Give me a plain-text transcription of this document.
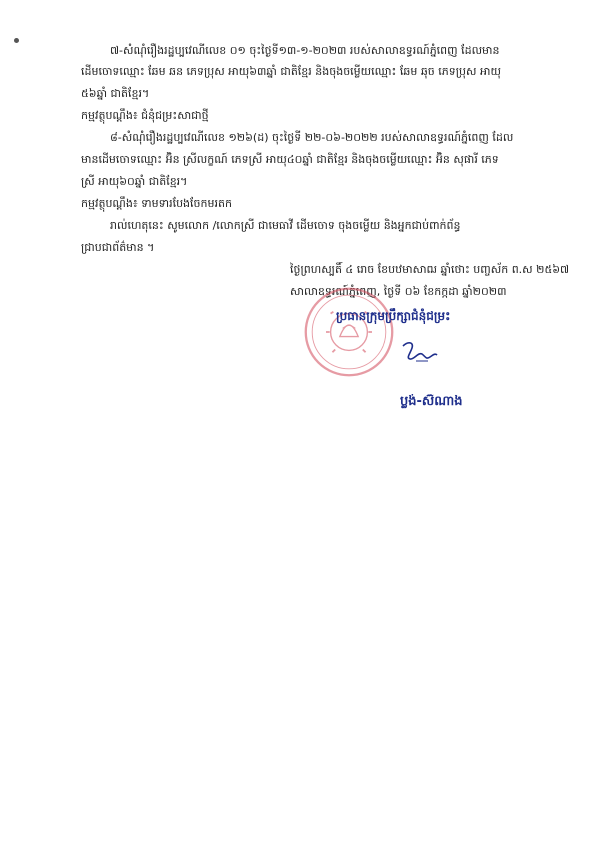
៧-សំណុំរឿងរដ្ឋប្បវេណីលេខ ០១ ចុះថ្ងៃទី១៣-១-២០២៣ របស់សាលាឧទ្ធរណ៍ភ្នំពេញ ដែលមាន
ដើមចោទឈ្មោះ ឆែម ឆន ភេទប្រុស អាយុ៦៣ឆ្នាំ ជាតិខ្មែរ និងចុងចម្លើយឈ្មោះ ឆែម ឆុច ភេទប្រុស អាយុ
៥៦ឆ្នាំ ជាតិខ្មែរ។
កម្មវត្ថុបណ្តឹង៖ ជំនុំជម្រះសាជាថ្មី
៨-សំណុំរឿងរដ្ឋប្បវេណីលេខ ១២៦(ដ) ចុះថ្ងៃទី ២២-០៦-២០២២ របស់សាលាឧទ្ធរណ៍ភ្នំពេញ ដែល
មានដើមចោទឈ្មោះ អ៊ិន ស្រីលក្ខណ៍ ភេទស្រី អាយុ៤០ឆ្នាំ ជាតិខ្មែរ និងចុងចម្លើយឈ្មោះ អ៊ិន សុផារី ភេទ
ស្រី អាយុ៦០ឆ្នាំ ជាតិខ្មែរ។
កម្មវត្ថុបណ្តឹង៖ ទាមទារបែងចែកមរតក
រាល់ហេតុនេះ សូមលោក /លោកស្រី ជាមេធាវី ដើមចោទ ចុងចម្លើយ និងអ្នកជាប់ពាក់ព័ន្ធ
ជ្រាបជាព័ត៌មាន ។
ថ្ងៃព្រហស្បតិ៍ ៤ រោច ខែបឋមាសាឍ ឆ្នាំថោះ បញ្ចស័ក ព.ស ២៥៦៧
សាលាឧទ្ធរណ៍ភ្នំពេញ, ថ្ងៃទី ០៦ ខែកក្កដា ឆ្នាំ២០២៣
ប្រធានក្រុមប្រឹក្សាជំនុំជម្រះ
ប្លង់-ស៊ំណាង
